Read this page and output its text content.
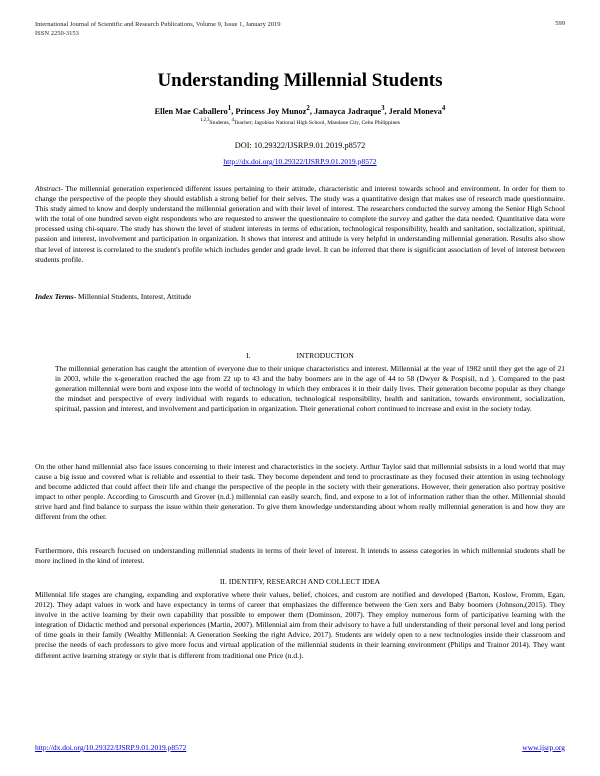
International Journal of Scientific and Research Publications, Volume 9, Issue 1, January 2019
ISSN 2250-3153
599
Understanding Millennial Students
Ellen Mae Caballero$^1$, Princess Joy Munoz$^2$, Jamayca Jadraque$^3$, Jerald Moneva$^4$
$^{1,2,3}$Students, $^4$Teacher; Jagobiao National High School, Mandaue City, Cebu Philippines
DOI: 10.29322/IJSRP.9.01.2019.p8572
http://dx.doi.org/10.29322/IJSRP.9.01.2019.p8572
Abstract- The millennial generation experienced different issues pertaining to their attitude, characteristic and interest towards school and environment. In order for them to change the perspective of the people they should establish a strong belief for their selves. The study was a quantitative design that makes use of research made questionnaire. This study aimed to know and deeply understand the millennial generation and with their level of interest. The researchers conducted the survey among the Senior High School with the total of one hundred seven eight respondents who are requested to answer the questionnaire to complete the survey and gather the data needed. Quantitative data were processed using chi-square. The study has shown the level of student interests in terms of education, technological responsibility, health and sanitation, socialization, spiritual, passion and interest, involvement and participation in organization. It shows that interest and attitude is very helpful in understanding millennial generation. Results also show that level of interest is correlated to the student's profile which includes gender and grade level. It can be inferred that there is significant association of level of interest between students profile.
Index Terms- Millennial Students, Interest, Attitude
I.	INTRODUCTION
The millennial generation has caught the attention of everyone due to their unique characteristics and interest. Millennial at the year of 1982 until they get the age of 21 in 2003, while the x-generation reached the age from 22 up to 43 and the baby boomers are in the age of 44 to 58 (Dwyer & Pospisil, n.d ). Compared to the past generation millennial were born and expose into the world of technology in which they embraces it in their daily lives. Their generation become popular as they change the mindset and perspective of every individual with regards to education, technological responsibility, health and sanitation, towards environment, socialization, spiritual, passion and interest, and involvement and participation in organization. Their generational cohort continued to increase and exist in the society today.
On the other hand millennial also face issues concerning to their interest and characteristics in the society. Arthur Taylor said that millennial subsists in a loud world that may cause a big issue and covered what is reliable and essential to their task. They become dependent and tend to procrastinate as they focused their attention in using technology and become addicted that could affect their life and change the perspective of the people in the society with their generations. However, their generation also portray positive impact to other people. According to Groscurth and Grover (n.d.) millennial can easily search, find, and expose to a lot of information rather than the other. Millennial should strive hard and find balance to surpass the issue within their generation. To give them knowledge understanding about whom really millennial generation is and how they are different from the other.
Furthermore, this research focused on understanding millennial students in terms of their level of interest. It intends to assess categories in which millennial students shall be more inclined in the kind of interest.
II. IDENTIFY, RESEARCH AND COLLECT IDEA
Millennial life stages are changing, expanding and explorative where their values, belief, choices, and custom are notified and developed (Barton, Koslow, Fromm, Egan, 2012). They adapt values in work and have expectancy in terms of career that emphasizes the difference between the Gen xers and Baby boomers (Johnson,(2015). They involve in the active learning by their own capability that possible to empower them (Dominson, 2007). They employ numerous form of participative learning with the integration of Didactic method and personal experiences (Martin, 2007). Millennial aim from their advisory to have a full understanding of their personal level and long period of time goals in their family (Wealthy Millennial: A Generation Seeking the right Advice, 2017). Students are widely open to a new technologies inside their classroom and precise the needs of each professors to give more focus and virtual application of the millennial students in their learning environment (Philips and Trainor 2014). They want different active learning strategy or style that is different from traditional one Price (n.d.).
http://dx.doi.org/10.29322/IJSRP.9.01.2019.p8572	www.ijsrp.org
